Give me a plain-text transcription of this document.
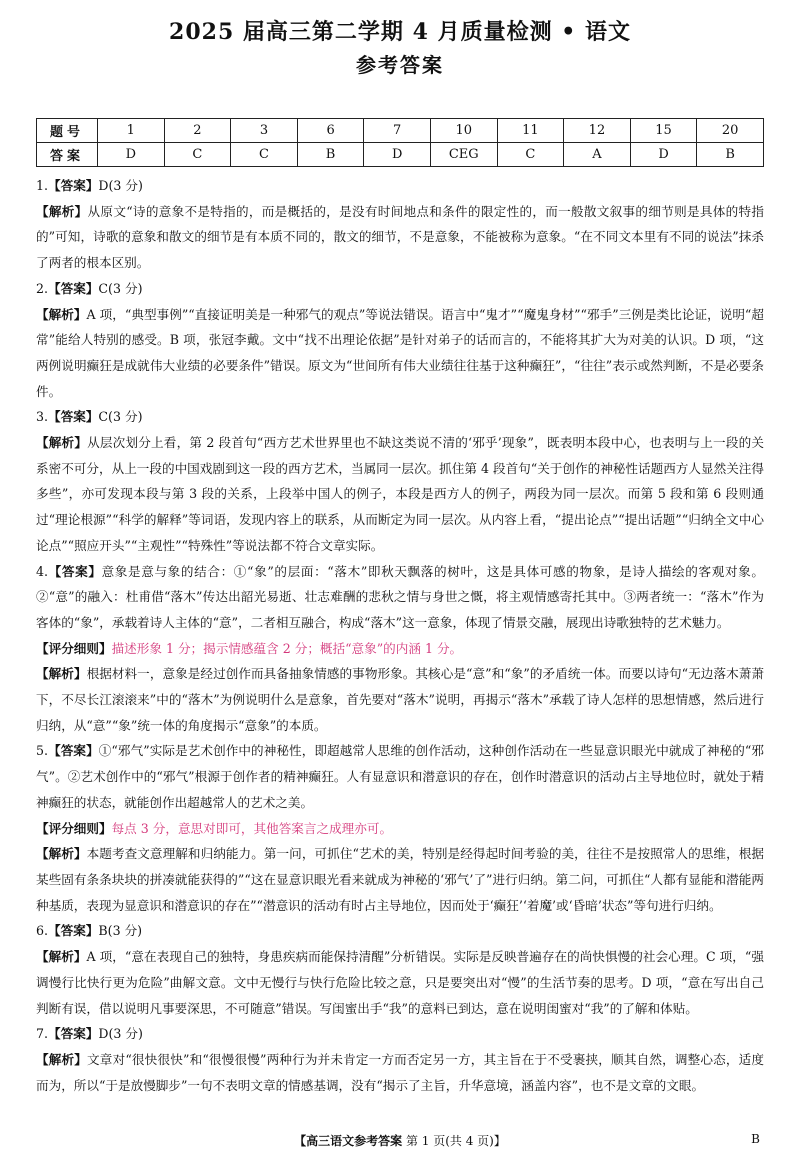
2025 届高三第二学期 4 月质量检测 • 语文
参考答案
题号	1	2	3	6	7	10	11	12	15	20
答案	D	C	C	B	D	CEG	C	A	D	B

1.【答案】D(3 分)

【解析】从原文“诗的意象不是特指的，而是概括的，是没有时间地点和条件的限定性的，而一般散文叙事的细节则是具体的特指的”可知，诗歌的意象和散文的细节是有本质不同的，散文的细节，不是意象，不能被称为意象。“在不同文本里有不同的说法”抹杀了两者的根本区别。

2.【答案】C(3 分)

【解析】A 项，“典型事例”“直接证明美是一种邪气的观点”等说法错误。语言中“鬼才”“魔鬼身材”“邪手”三例是类比论证，说明“超常”能给人特别的感受。B 项，张冠李戴。文中“找不出理论依据”是针对弟子的话而言的，不能将其扩大为对美的认识。D 项，“这两例说明癫狂是成就伟大业绩的必要条件”错误。原文为“世间所有伟大业绩往往基于这种癫狂”，“往往”表示或然判断，不是必要条件。

3.【答案】C(3 分)

【解析】从层次划分上看，第 2 段首句“西方艺术世界里也不缺这类说不清的‘邪乎’现象”，既表明本段中心，也表明与上一段的关系密不可分，从上一段的中国戏剧到这一段的西方艺术，当属同一层次。抓住第 4 段首句“关于创作的神秘性话题西方人显然关注得多些”，亦可发现本段与第 3 段的关系，上段举中国人的例子，本段是西方人的例子，两段为同一层次。而第 5 段和第 6 段则通过“理论根源”“科学的解释”等词语，发现内容上的联系，从而断定为同一层次。从内容上看，“提出论点”“提出话题”“归纳全文中心论点”“照应开头”“主观性”“特殊性”等说法都不符合文章实际。

4.【答案】意象是意与象的结合：①“象”的层面：“落木”即秋天飘落的树叶，这是具体可感的物象，是诗人描绘的客观对象。②“意”的融入：杜甫借“落木”传达出韶光易逝、壮志难酬的悲秋之情与身世之慨，将主观情感寄托其中。③两者统一：“落木”作为客体的“象”，承载着诗人主体的“意”，二者相互融合，构成“落木”这一意象，体现了情景交融，展现出诗歌独特的艺术魅力。

【评分细则】描述形象 1 分；揭示情感蕴含 2 分；概括“意象”的内涵 1 分。

【解析】根据材料一，意象是经过创作而具备抽象情感的事物形象。其核心是“意”和“象”的矛盾统一体。而要以诗句“无边落木萧萧下，不尽长江滚滚来”中的“落木”为例说明什么是意象，首先要对“落木”说明，再揭示“落木”承载了诗人怎样的思想情感，然后进行归纳，从“意”“象”统一体的角度揭示“意象”的本质。

5.【答案】①“邪气”实际是艺术创作中的神秘性，即超越常人思维的创作活动，这种创作活动在一些显意识眼光中就成了神秘的“邪气”。②艺术创作中的“邪气”根源于创作者的精神癫狂。人有显意识和潜意识的存在，创作时潜意识的活动占主导地位时，就处于精神癫狂的状态，就能创作出超越常人的艺术之美。

【评分细则】每点 3 分，意思对即可，其他答案言之成理亦可。

【解析】本题考查文意理解和归纳能力。第一问，可抓住“艺术的美，特别是经得起时间考验的美，往往不是按照常人的思维，根据某些固有条条块块的拼凑就能获得的”“这在显意识眼光看来就成为神秘的‘邪气’了”进行归纳。第二问，可抓住“人都有显能和潜能两种基质，表现为显意识和潜意识的存在”“潜意识的活动有时占主导地位，因而处于‘癫狂’‘着魔’或‘昏暗’状态”等句进行归纳。

6.【答案】B(3 分)

【解析】A 项，“意在表现自己的独特，身患疾病而能保持清醒”分析错误。实际是反映普遍存在的尚快惧慢的社会心理。C 项，“强调慢行比快行更为危险”曲解文意。文中无慢行与快行危险比较之意，只是要突出对“慢”的生活节奏的思考。D 项，“意在写出自己判断有误，借以说明凡事要深思，不可随意”错误。写闺蜜出手“我”的意料已到达，意在说明闺蜜对“我”的了解和体贴。

7.【答案】D(3 分)

【解析】文章对“很快很快”和“很慢很慢”两种行为并未肯定一方而否定另一方，其主旨在于不受裹挟，顺其自然，调整心态，适度而为，所以“于是放慢脚步”一句不表明文章的情感基调，没有“揭示了主旨，升华意境，涵盖内容”，也不是文章的文眼。

【高三语文参考答案 第 1 页(共 4 页)】	B
